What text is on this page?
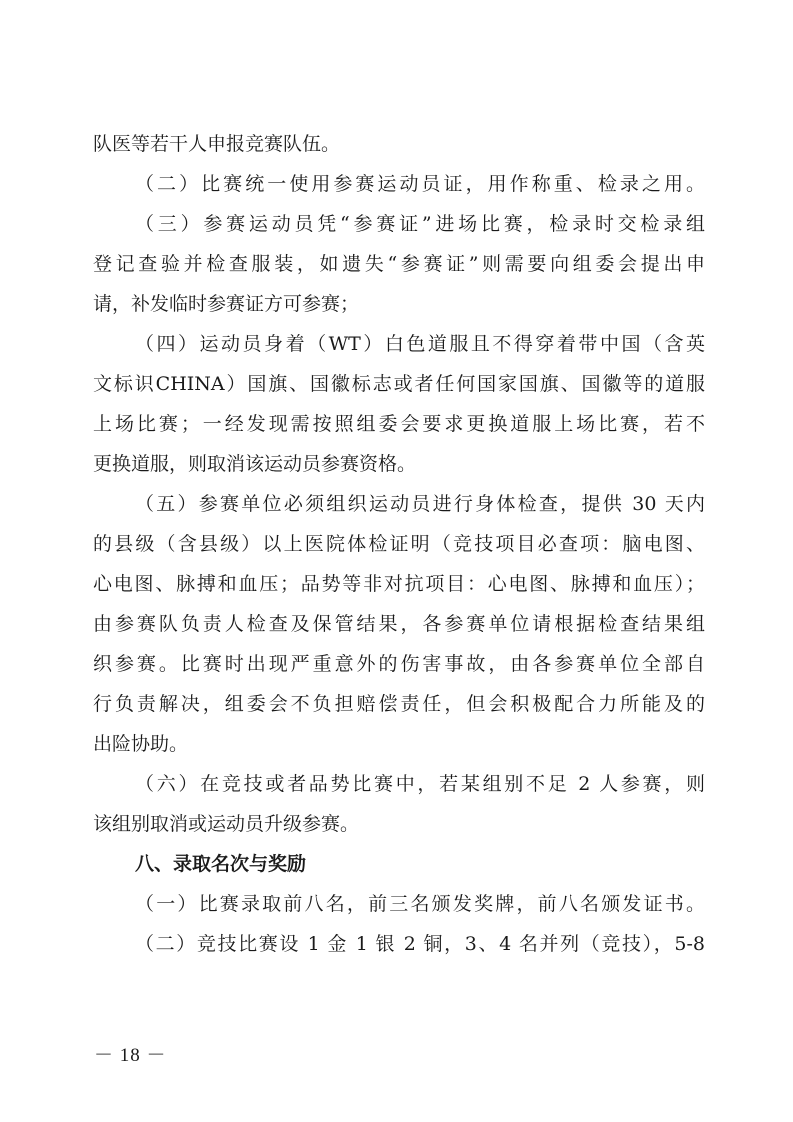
队医等若干人申报竞赛队伍。
（二）比赛统一使用参赛运动员证，用作称重、检录之用。
（三）参赛运动员凭“参赛证”进场比赛，检录时交检录组
登记查验并检查服装，如遗失“参赛证”则需要向组委会提出申
请，补发临时参赛证方可参赛；
（四）运动员身着（WT）白色道服且不得穿着带中国（含英
文标识CHINA）国旗、国徽标志或者任何国家国旗、国徽等的道服
上场比赛；一经发现需按照组委会要求更换道服上场比赛，若不
更换道服，则取消该运动员参赛资格。
（五）参赛单位必须组织运动员进行身体检查，提供 30 天内
的县级（含县级）以上医院体检证明（竞技项目必查项：脑电图、
心电图、脉搏和血压；品势等非对抗项目：心电图、脉搏和血压）；
由参赛队负责人检查及保管结果，各参赛单位请根据检查结果组
织参赛。比赛时出现严重意外的伤害事故，由各参赛单位全部自
行负责解决，组委会不负担赔偿责任，但会积极配合力所能及的
出险协助。
（六）在竞技或者品势比赛中，若某组别不足 2 人参赛，则
该组别取消或运动员升级参赛。
八、录取名次与奖励
（一）比赛录取前八名，前三名颁发奖牌，前八名颁发证书。
（二）竞技比赛设 1 金 1 银 2 铜，3、4 名并列（竞技），5-8
－ 18 －
